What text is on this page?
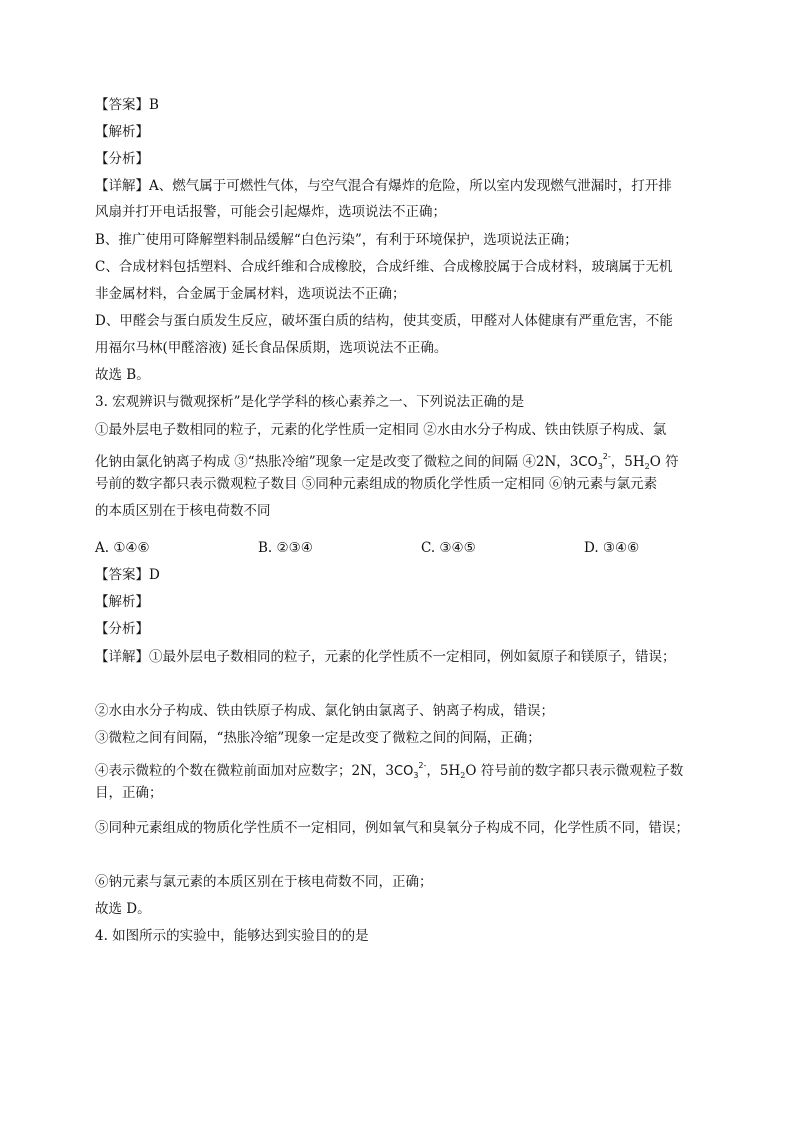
【答案】B
【解析】
【分析】
【详解】A、燃气属于可燃性气体，与空气混合有爆炸的危险，所以室内发现燃气泄漏时，打开排
风扇并打开电话报警，可能会引起爆炸，选项说法不正确；
B、推广使用可降解塑料制品缓解“白色污染”，有利于环境保护，选项说法正确；
C、合成材料包括塑料、合成纤维和合成橡胶，合成纤维、合成橡胶属于合成材料，玻璃属于无机
非金属材料，合金属于金属材料，选项说法不正确；
D、甲醛会与蛋白质发生反应，破坏蛋白质的结构，使其变质，甲醛对人体健康有严重危害，不能
用福尔马林(甲醛溶液) 延长食品保质期，选项说法不正确。
故选 B。
3. 宏观辨识与微观探析”是化学学科的核心素养之一、下列说法正确的是
①最外层电子数相同的粒子，元素的化学性质一定相同 ②水由水分子构成、铁由铁原子构成、氯
化钠由氯化钠离子构成 ③“热胀冷缩”现象一定是改变了微粒之间的间隔 ④2N，$3CO_3^{2-}$，$5H_2O$ 符
号前的数字都只表示微观粒子数目 ⑤同种元素组成的物质化学性质一定相同 ⑥钠元素与氯元素
的本质区别在于核电荷数不同
A. ①④⑥	B. ②③④	C. ③④⑤	D. ③④⑥
【答案】D
【解析】
【分析】
【详解】①最外层电子数相同的粒子，元素的化学性质不一定相同，例如氦原子和镁原子，错误；
②水由水分子构成、铁由铁原子构成、氯化钠由氯离子、钠离子构成，错误；
③微粒之间有间隔，“热胀冷缩”现象一定是改变了微粒之间的间隔，正确；
④表示微粒的个数在微粒前面加对应数字；2N，$3CO_3^{2-}$，$5H_2O$ 符号前的数字都只表示微观粒子数
目，正确；
⑤同种元素组成的物质化学性质不一定相同，例如氧气和臭氧分子构成不同，化学性质不同，错误；
⑥钠元素与氯元素的本质区别在于核电荷数不同，正确；
故选 D。
4. 如图所示的实验中，能够达到实验目的的是
